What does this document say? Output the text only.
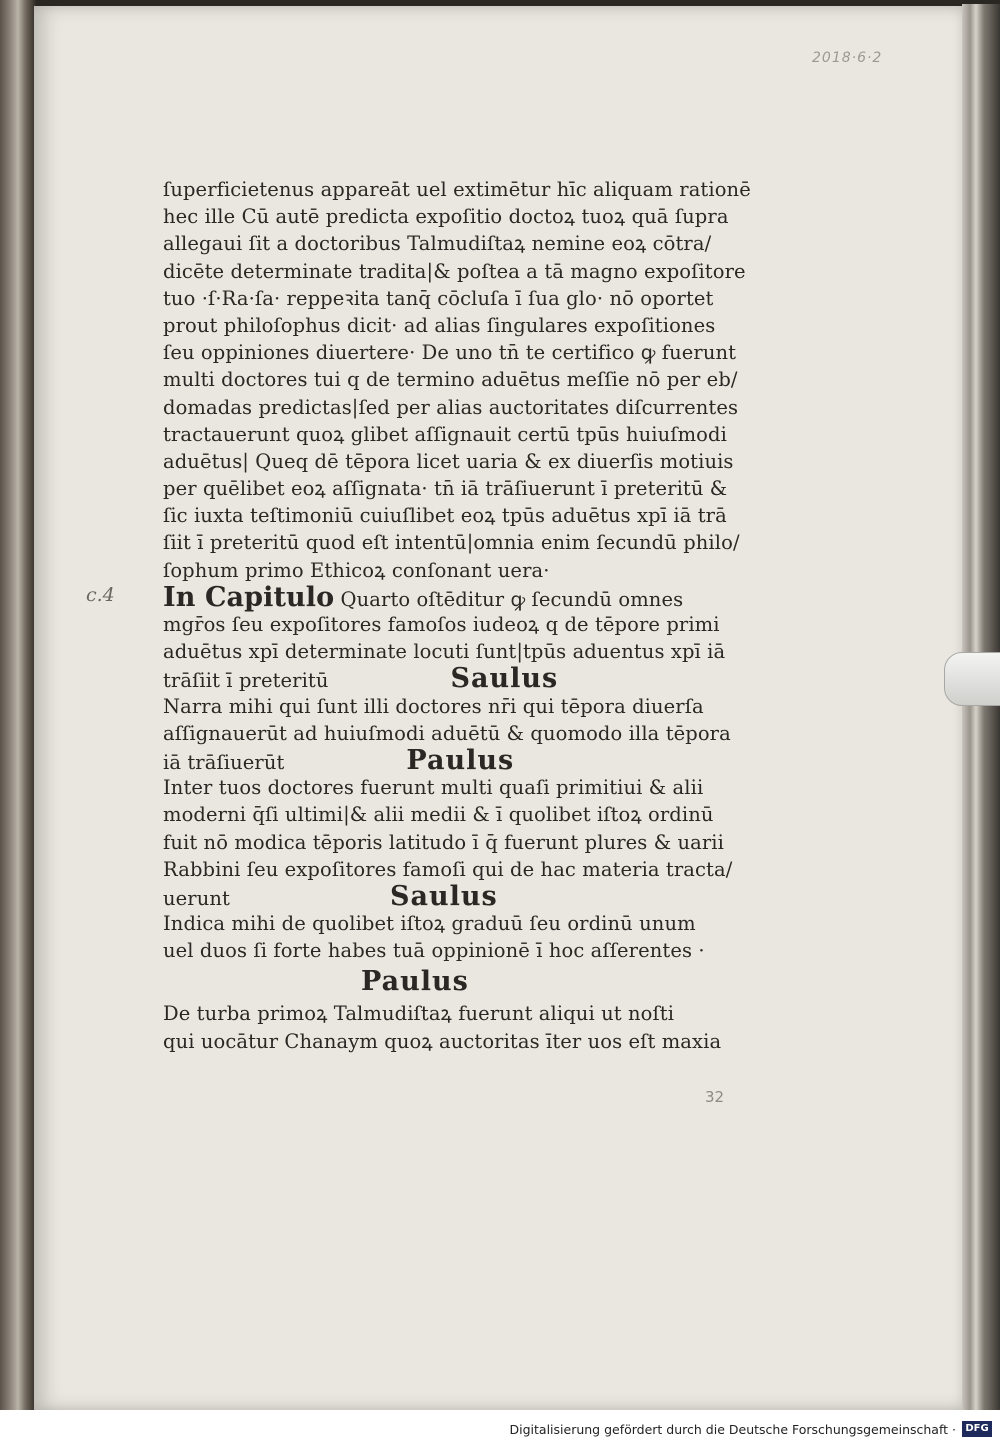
2018·6·2
c.4
ſuperficietenus appareāt uel extimētur hīc aliquam rationē
hec ille Cū autē predicta expoſitio doctoꝝ tuoꝝ quā ſupra
allegaui ſit a doctoribus Talmudiſtaꝝ nemine eoꝝ cōtra/
dicēte determinate tradita|& poſtea a tā magno expoſitore
tuo ·ſ·Ra·ſa· reppeꝛita tanq̄ cōcluſa ī ſua glo· nō oportet
prout philoſophus dicit· ad alias ſingulares expoſitiones
ſeu oppiniones diuertere· De uno tn̄ te certifico ꝙ fuerunt
multi doctores tui q de termino aduētus meſſie nō per eb/
domadas predictas|ſed per alias auctoritates diſcurrentes
tractauerunt quoꝝ glibet aſſignauit certū tpūs huiuſmodi
aduētus| Queq dē tēpora licet uaria & ex diuerſis motiuis
per quēlibet eoꝝ aſſignata· tn̄ iā trāſiuerunt ī preteritū &
ſic iuxta teſtimoniū cuiuſlibet eoꝝ tpūs aduētus xpī iā trā
ſiit ī preteritū quod eſt intentū|omnia enim ſecundū philo/
ſophum primo Ethicoꝝ conſonant uera·
In Capitulo Quarto oſtēditur ꝙ ſecundū omnes
mgr̄os ſeu expoſitores famoſos iudeoꝝ q de tēpore primi
aduētus xpī determinate locuti ſunt|tpūs aduentus xpī iā
trāſiit ī preteritū	Saulus
Narra mihi qui ſunt illi doctores nr̄i qui tēpora diuerſa
aſſignauerūt ad huiuſmodi aduētū & quomodo illa tēpora
iā trāſiuerūt	Paulus
Inter tuos doctores fuerunt multi quaſi primitiui & alii
moderni q̄ſi ultimi|& alii medii & ī quolibet iſtoꝝ ordinū
fuit nō modica tēporis latitudo ī q̄ fuerunt plures & uarii
Rabbini ſeu expoſitores famoſi qui de hac materia tracta/
uerunt	Saulus
Indica mihi de quolibet iſtoꝝ graduū ſeu ordinū unum
uel duos ſi forte habes tuā oppinionē ī hoc aſſerentes ·
Paulus
De turba primoꝝ Talmudiſtaꝝ fuerunt aliqui ut noſti
qui uocātur Chanaym quoꝝ auctoritas īter uos eſt maxia
32
Digitalisierung gefördert durch die Deutsche Forschungsgemeinschaft · DFG
